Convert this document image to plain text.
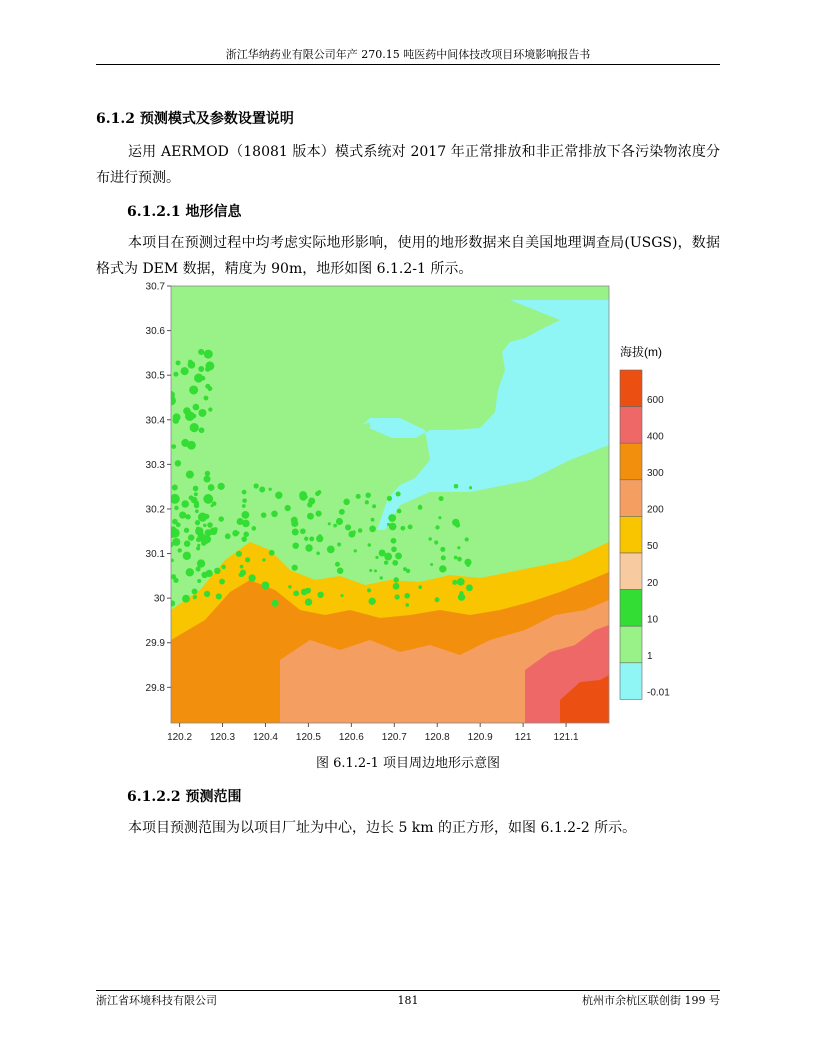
浙江华纳药业有限公司年产 270.15 吨医药中间体技改项目环境影响报告书
6.1.2 预测模式及参数设置说明
运用 AERMOD（18081 版本）模式系统对 2017 年正常排放和非正常排放下各污染物浓度分布进行预测。
6.1.2.1 地形信息
本项目在预测过程中均考虑实际地形影响，使用的地形数据来自美国地理调查局(USGS)，数据格式为 DEM 数据，精度为 90m，地形如图 6.1.2-1 所示。
120.2 120.3 120.4 120.5 120.6 120.7 120.8 120.9 121 121.1
30.7
30.6
30.5
30.4
30.3
30.2
30.1
30
29.9
29.8
海拔(m)
600
400
300
200
50
20
10
1
-0.01
图 6.1.2-1 项目周边地形示意图
6.1.2.2 预测范围
本项目预测范围为以项目厂址为中心，边长 5 km 的正方形，如图 6.1.2-2 所示。
浙江省环境科技有限公司	181	杭州市余杭区联创街 199 号
